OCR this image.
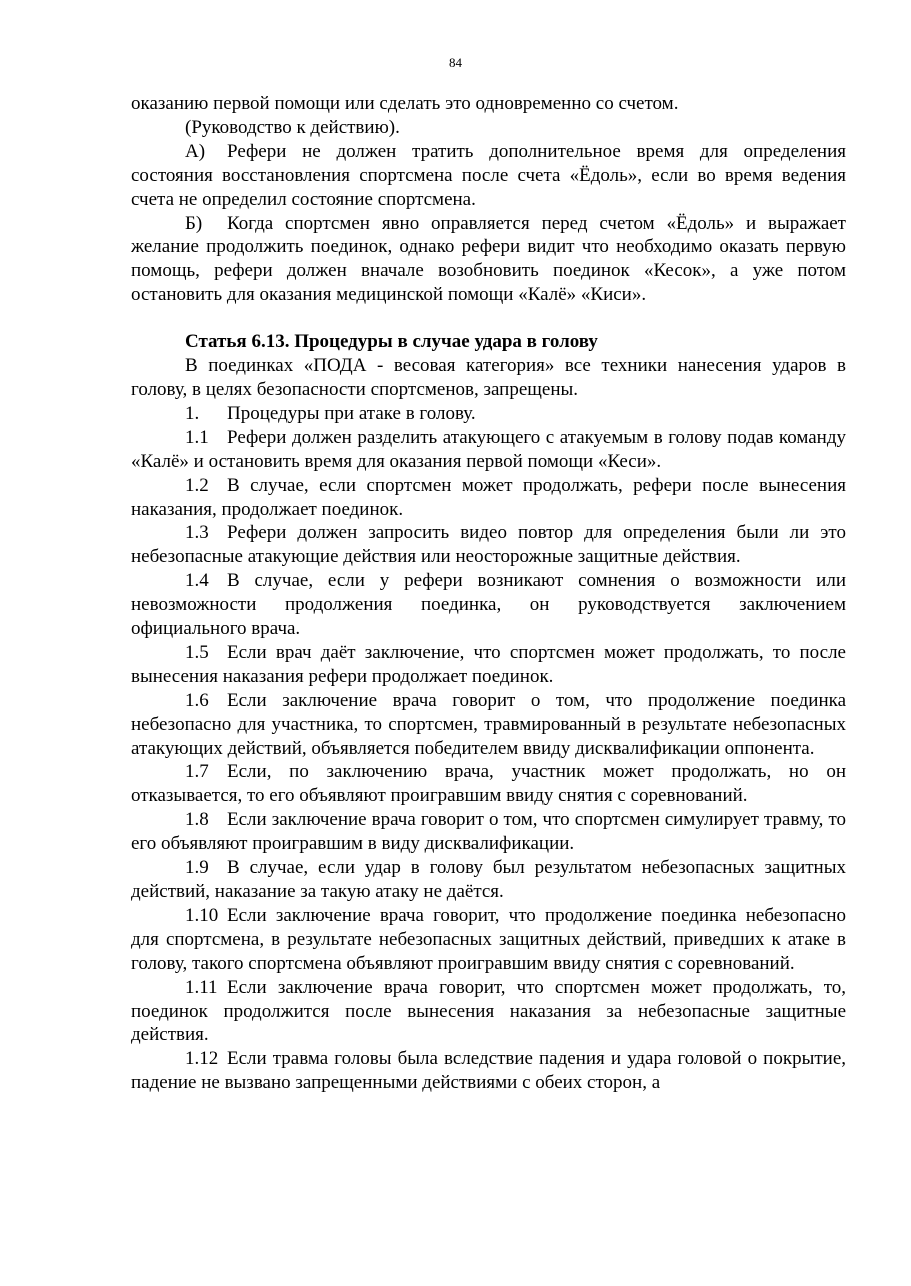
84

оказанию первой помощи или сделать это одновременно со счетом.

(Руководство к действию).

А) Рефери не должен тратить дополнительное время для определения состояния восстановления спортсмена после счета «Ёдоль», если во время ведения счета не определил состояние спортсмена.

Б) Когда спортсмен явно оправляется перед счетом «Ёдоль» и выражает желание продолжить поединок, однако рефери видит что необходимо оказать первую помощь, рефери должен вначале возобновить поединок «Кесок», а уже потом остановить для оказания медицинской помощи «Калё» «Киси».

Статья 6.13. Процедуры в случае удара в голову

В поединках «ПОДА - весовая категория» все техники нанесения ударов в голову, в целях безопасности спортсменов, запрещены.

1. Процедуры при атаке в голову.

1.1 Рефери должен разделить атакующего с атакуемым в голову подав команду «Калё» и остановить время для оказания первой помощи «Кеси».

1.2 В случае, если спортсмен может продолжать, рефери после вынесения наказания, продолжает поединок.

1.3 Рефери должен запросить видео повтор для определения были ли это небезопасные атакующие действия или неосторожные защитные действия.

1.4 В случае, если у рефери возникают сомнения о возможности или невозможности продолжения поединка, он руководствуется заключением официального врача.

1.5 Если врач даёт заключение, что спортсмен может продолжать, то после вынесения наказания рефери продолжает поединок.

1.6 Если заключение врача говорит о том, что продолжение поединка небезопасно для участника, то спортсмен, травмированный в результате небезопасных атакующих действий, объявляется победителем ввиду дисквалификации оппонента.

1.7 Если, по заключению врача, участник может продолжать, но он отказывается, то его объявляют проигравшим ввиду снятия с соревнований.

1.8 Если заключение врача говорит о том, что спортсмен симулирует травму, то его объявляют проигравшим в виду дисквалификации.

1.9 В случае, если удар в голову был результатом небезопасных защитных действий, наказание за такую атаку не даётся.

1.10 Если заключение врача говорит, что продолжение поединка небезопасно для спортсмена, в результате небезопасных защитных действий, приведших к атаке в голову, такого спортсмена объявляют проигравшим ввиду снятия с соревнований.

1.11 Если заключение врача говорит, что спортсмен может продолжать, то, поединок продолжится после вынесения наказания за небезопасные защитные действия.

1.12 Если травма головы была вследствие падения и удара головой о покрытие, падение не вызвано запрещенными действиями с обеих сторон, а
